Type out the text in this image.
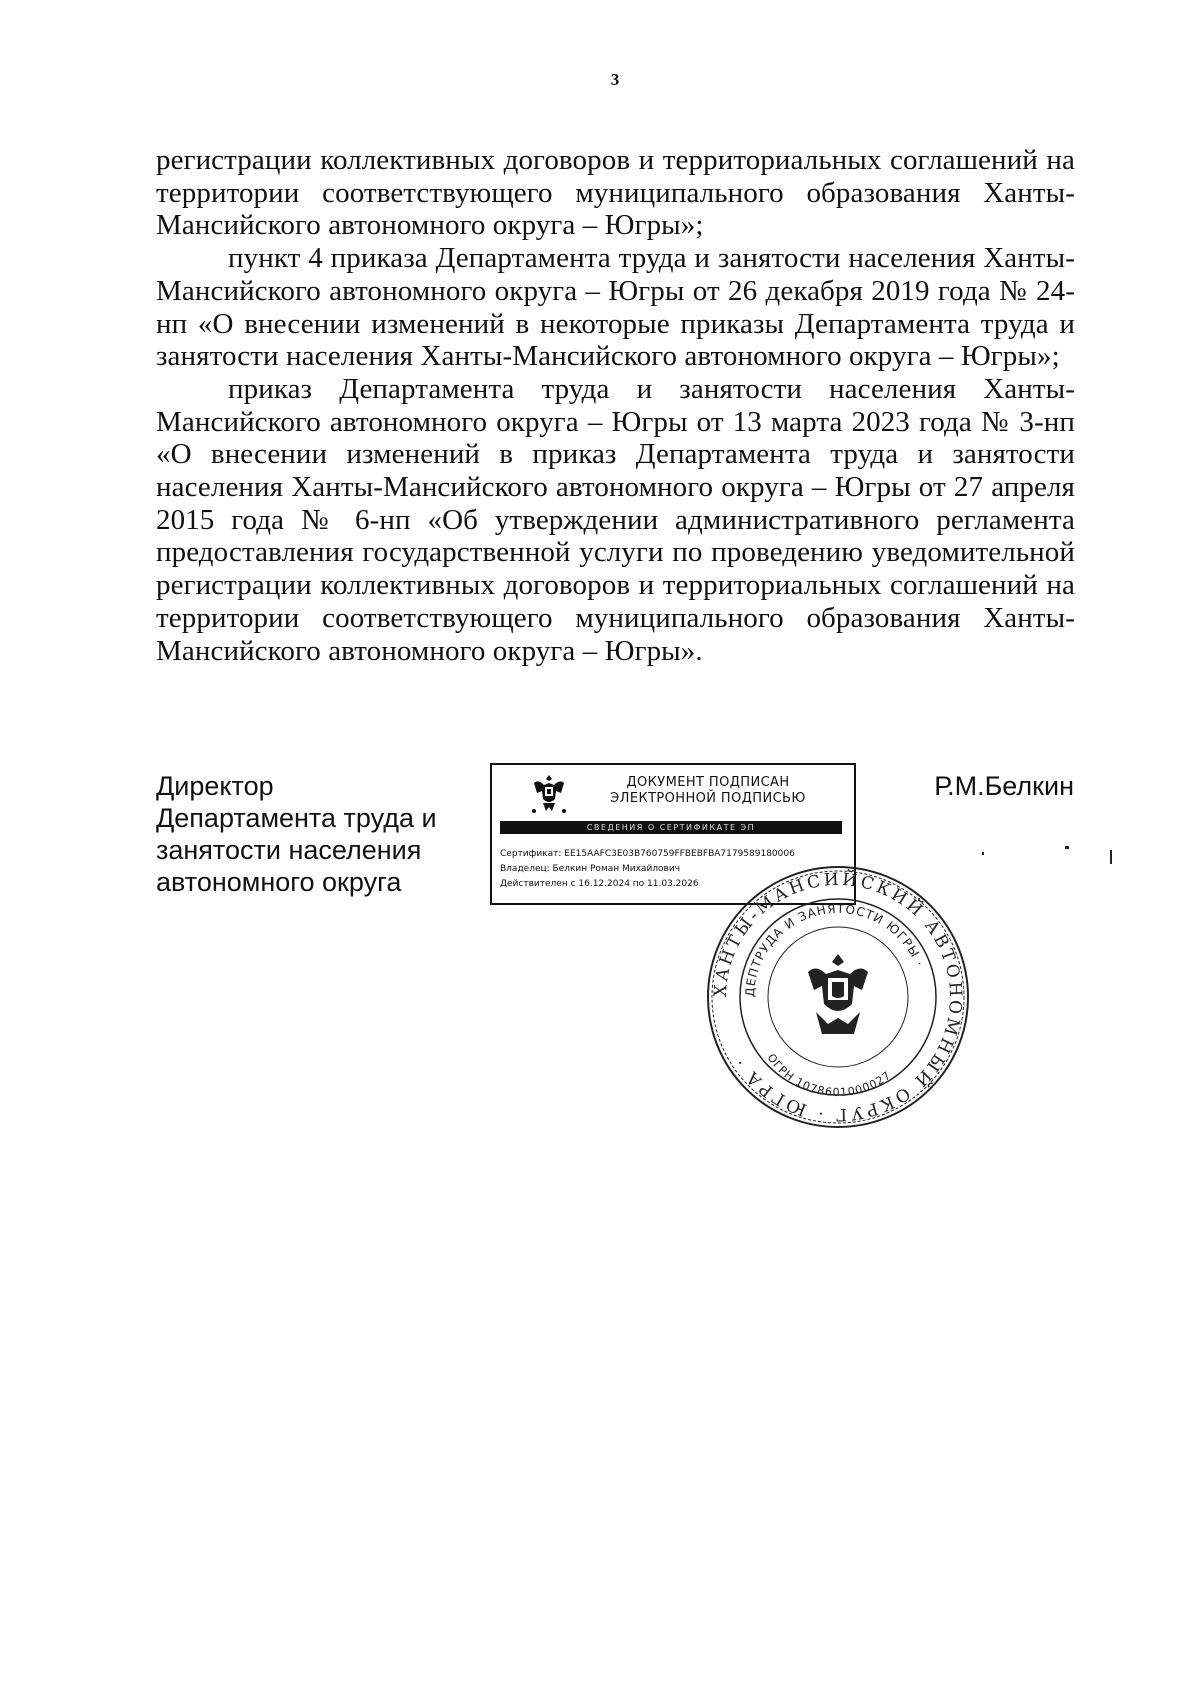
3

регистрации коллективных договоров и территориальных соглашений на территории соответствующего муниципального образования Ханты-Мансийского автономного округа – Югры»;

пункт 4 приказа Департамента труда и занятости населения Ханты-Мансийского автономного округа – Югры от 26 декабря 2019 года № 24-нп «О внесении изменений в некоторые приказы Департамента труда и занятости населения Ханты-Мансийского автономного округа – Югры»;

приказ Департамента труда и занятости населения Ханты-Мансийского автономного округа – Югры от 13 марта 2023 года № 3-нп «О внесении изменений в приказ Департамента труда и занятости населения Ханты-Мансийского автономного округа – Югры от 27 апреля 2015 года № 6-нп «Об утверждении административного регламента предоставления государственной услуги по проведению уведомительной регистрации коллективных договоров и территориальных соглашений на территории соответствующего муниципального образования Ханты-Мансийского автономного округа – Югры».

Директор
Департамента труда и
занятости населения
автономного округа
Р.М.Белкин
ДОКУМЕНТ ПОДПИСАН
ЭЛЕКТРОННОЙ ПОДПИСЬЮ
СВЕДЕНИЯ О СЕРТИФИКАТЕ ЭП
Сертификат: EE15AAFC3E03B760759FFBEBFBA7179589180006
Владелец: Белкин Роман Михайлович
Действителен с 16.12.2024 по 11.03.2026
ХАНТЫ-МАНСИЙСКИЙ АВТОНОМНЫЙ ОКРУГ · ЮГРА ·
ДЕПТРУДА И ЗАНЯТОСТИ ЮГРЫ ·
ОГРН 1078601000027
